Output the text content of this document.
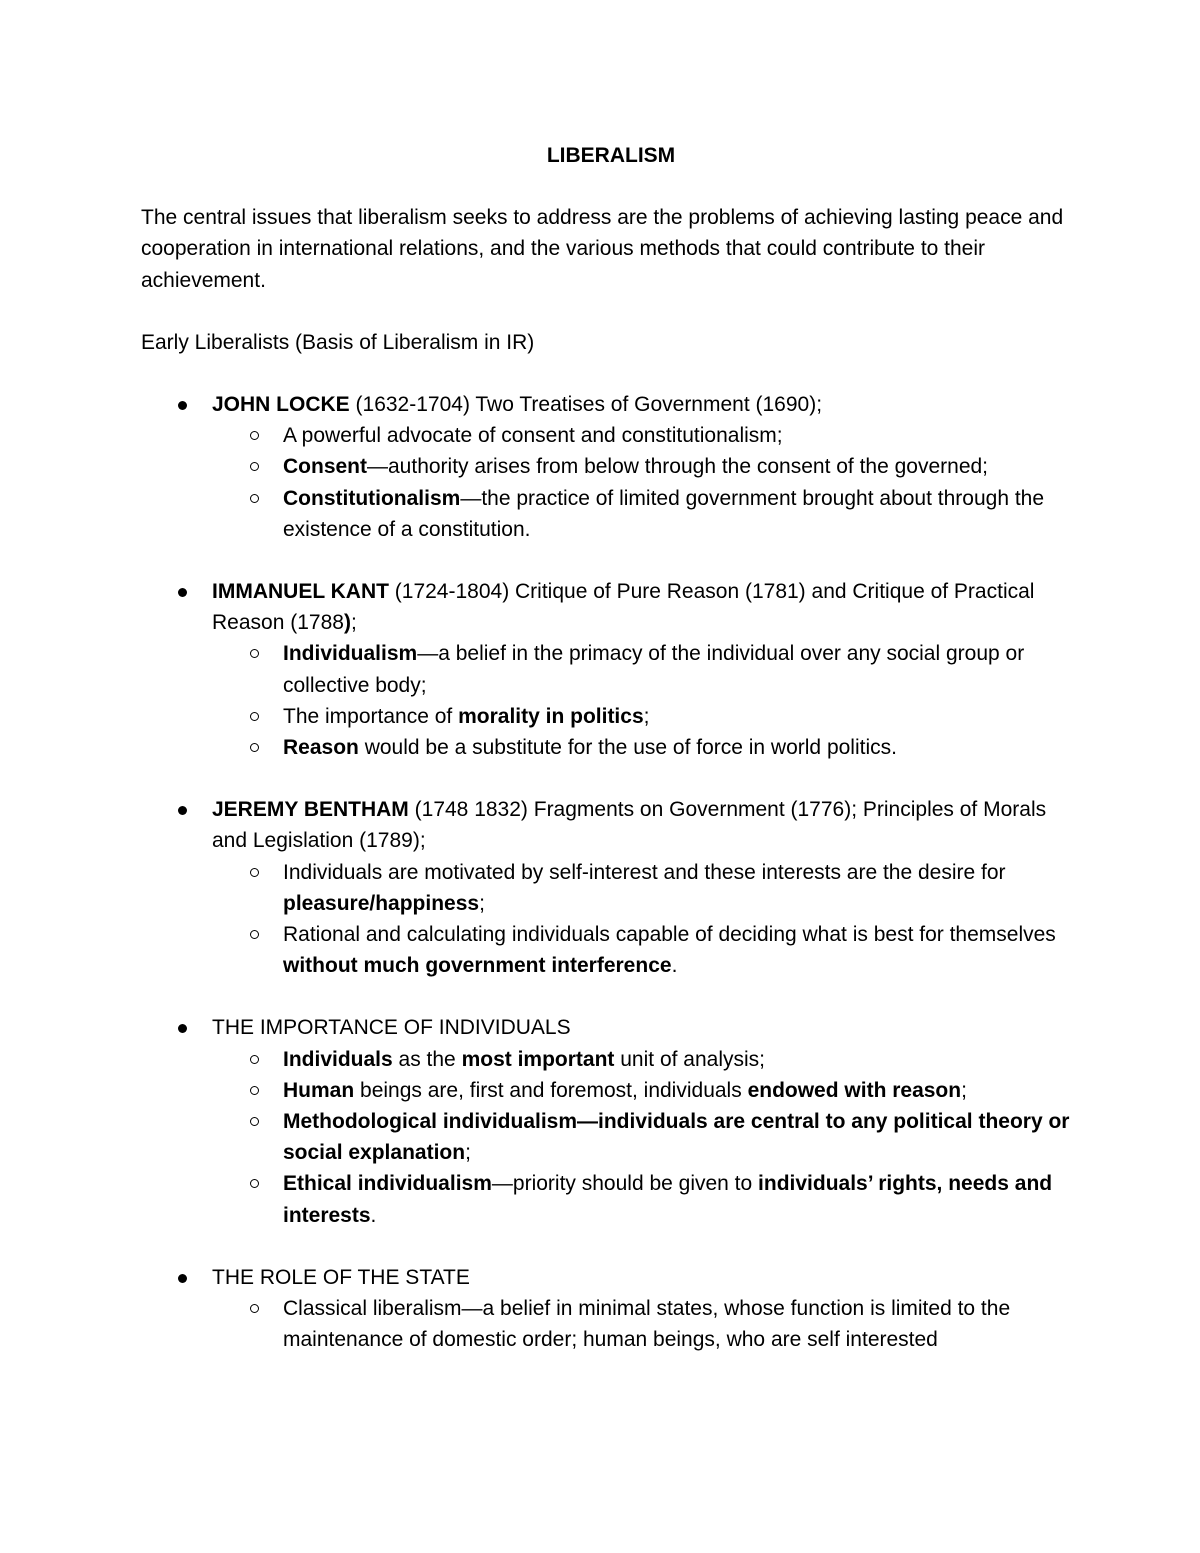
LIBERALISM
The central issues that liberalism seeks to address are the problems of achieving lasting peace and cooperation in international relations, and the various methods that could contribute to their achievement.
Early Liberalists (Basis of Liberalism in IR)
JOHN LOCKE (1632-1704) Two Treatises of Government (1690);
A powerful advocate of consent and constitutionalism;
Consent—authority arises from below through the consent of the governed;
Constitutionalism—the practice of limited government brought about through the existence of a constitution.
IMMANUEL KANT (1724-1804) Critique of Pure Reason (1781) and Critique of Practical Reason (1788);
Individualism—a belief in the primacy of the individual over any social group or collective body;
The importance of morality in politics;
Reason would be a substitute for the use of force in world politics.
JEREMY BENTHAM (1748 1832) Fragments on Government (1776); Principles of Morals and Legislation (1789);
Individuals are motivated by self-interest and these interests are the desire for pleasure/happiness;
Rational and calculating individuals capable of deciding what is best for themselves without much government interference.
THE IMPORTANCE OF INDIVIDUALS
Individuals as the most important unit of analysis;
Human beings are, first and foremost, individuals endowed with reason;
Methodological individualism—individuals are central to any political theory or social explanation;
Ethical individualism—priority should be given to individuals’ rights, needs and interests.
THE ROLE OF THE STATE
Classical liberalism—a belief in minimal states, whose function is limited to the maintenance of domestic order; human beings, who are self interested
